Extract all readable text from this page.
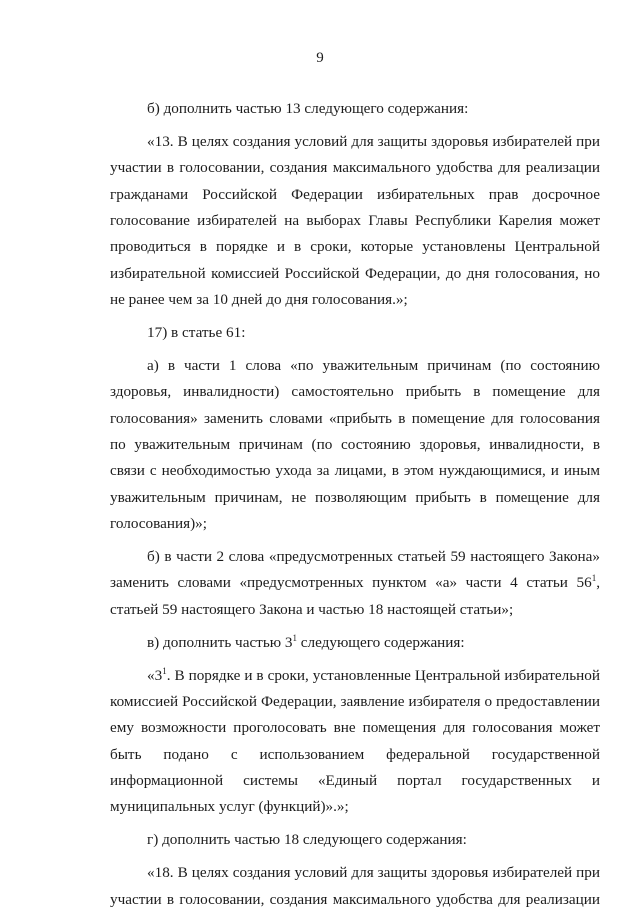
9

б) дополнить частью 13 следующего содержания:

«13. В целях создания условий для защиты здоровья избирателей при участии в голосовании, создания максимального удобства для реализации гражданами Российской Федерации избирательных прав досрочное голосование избирателей на выборах Главы Республики Карелия может проводиться в порядке и в сроки, которые установлены Центральной избирательной комиссией Российской Федерации, до дня голосования, но не ранее чем за 10 дней до дня голосования.»;

17) в статье 61:

а) в части 1 слова «по уважительным причинам (по состоянию здоровья, инвалидности) самостоятельно прибыть в помещение для голосования» заменить словами «прибыть в помещение для голосования по уважительным причинам (по состоянию здоровья, инвалидности, в связи с необходимостью ухода за лицами, в этом нуждающимися, и иным уважительным причинам, не позволяющим прибыть в помещение для голосования)»;

б) в части 2 слова «предусмотренных статьей 59 настоящего Закона» заменить словами «предусмотренных пунктом «а» части 4 статьи $56^1$, статьей 59 настоящего Закона и частью 18 настоящей статьи»;

в) дополнить частью $3^1$ следующего содержания:

«$3^1$. В порядке и в сроки, установленные Центральной избирательной комиссией Российской Федерации, заявление избирателя о предоставлении ему возможности проголосовать вне помещения для голосования может быть подано с использованием федеральной государственной информационной системы «Единый портал государственных и муниципальных услуг (функций)».»;

г) дополнить частью 18 следующего содержания:

«18. В целях создания условий для защиты здоровья избирателей при участии в голосовании, создания максимального удобства для реализации
